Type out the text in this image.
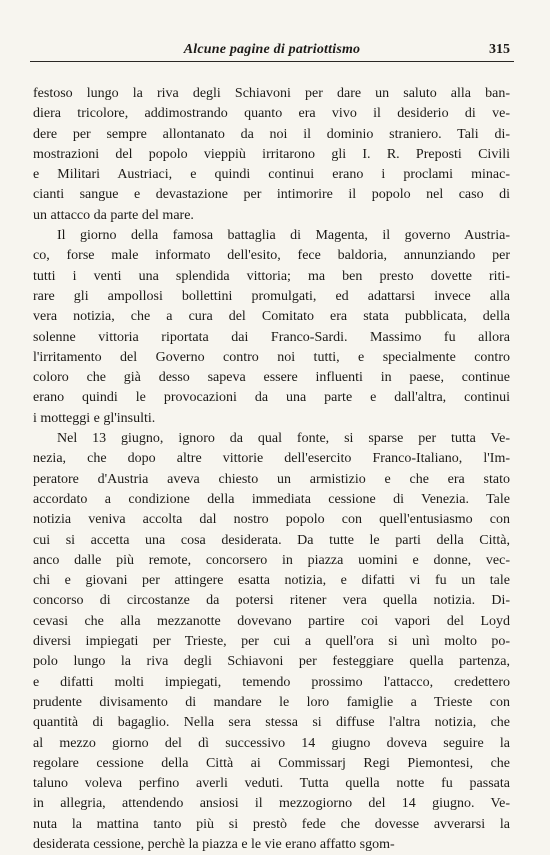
Alcune pagine di patriottismo	315
festoso lungo la riva degli Schiavoni per dare un saluto alla ban-
diera tricolore, addimostrando quanto era vivo il desiderio di ve-
dere per sempre allontanato da noi il dominio straniero. Tali di-
mostrazioni del popolo vieppiù irritarono gli I. R. Preposti Civili
e Militari Austriaci, e quindi continui erano i proclami minac-
cianti sangue e devastazione per intimorire il popolo nel caso di
un attacco da parte del mare.
Il giorno della famosa battaglia di Magenta, il governo Austria-
co, forse male informato dell'esito, fece baldoria, annunziando per
tutti i venti una splendida vittoria; ma ben presto dovette riti-
rare gli ampollosi bollettini promulgati, ed adattarsi invece alla
vera notizia, che a cura del Comitato era stata pubblicata, della
solenne vittoria riportata dai Franco-Sardi. Massimo fu allora
l'irritamento del Governo contro noi tutti, e specialmente contro
coloro che già desso sapeva essere influenti in paese, continue
erano quindi le provocazioni da una parte e dall'altra, continui
i motteggi e gl'insulti.
Nel 13 giugno, ignoro da qual fonte, si sparse per tutta Ve-
nezia, che dopo altre vittorie dell'esercito Franco-Italiano, l'Im-
peratore d'Austria aveva chiesto un armistizio e che era stato
accordato a condizione della immediata cessione di Venezia. Tale
notizia veniva accolta dal nostro popolo con quell'entusiasmo con
cui si accetta una cosa desiderata. Da tutte le parti della Città,
anco dalle più remote, concorsero in piazza uomini e donne, vec-
chi e giovani per attingere esatta notizia, e difatti vi fu un tale
concorso di circostanze da potersi ritener vera quella notizia. Di-
cevasi che alla mezzanotte dovevano partire coi vapori del Loyd
diversi impiegati per Trieste, per cui a quell'ora si unì molto po-
polo lungo la riva degli Schiavoni per festeggiare quella partenza,
e difatti molti impiegati, temendo prossimo l'attacco, credettero
prudente divisamento di mandare le loro famiglie a Trieste con
quantità di bagaglio. Nella sera stessa si diffuse l'altra notizia, che
al mezzo giorno del dì successivo 14 giugno doveva seguire la
regolare cessione della Città ai Commissarj Regi Piemontesi, che
taluno voleva perfino averli veduti. Tutta quella notte fu passata
in allegria, attendendo ansiosi il mezzogiorno del 14 giugno. Ve-
nuta la mattina tanto più si prestò fede che dovesse avverarsi la
desiderata cessione, perchè la piazza e le vie erano affatto sgom-
